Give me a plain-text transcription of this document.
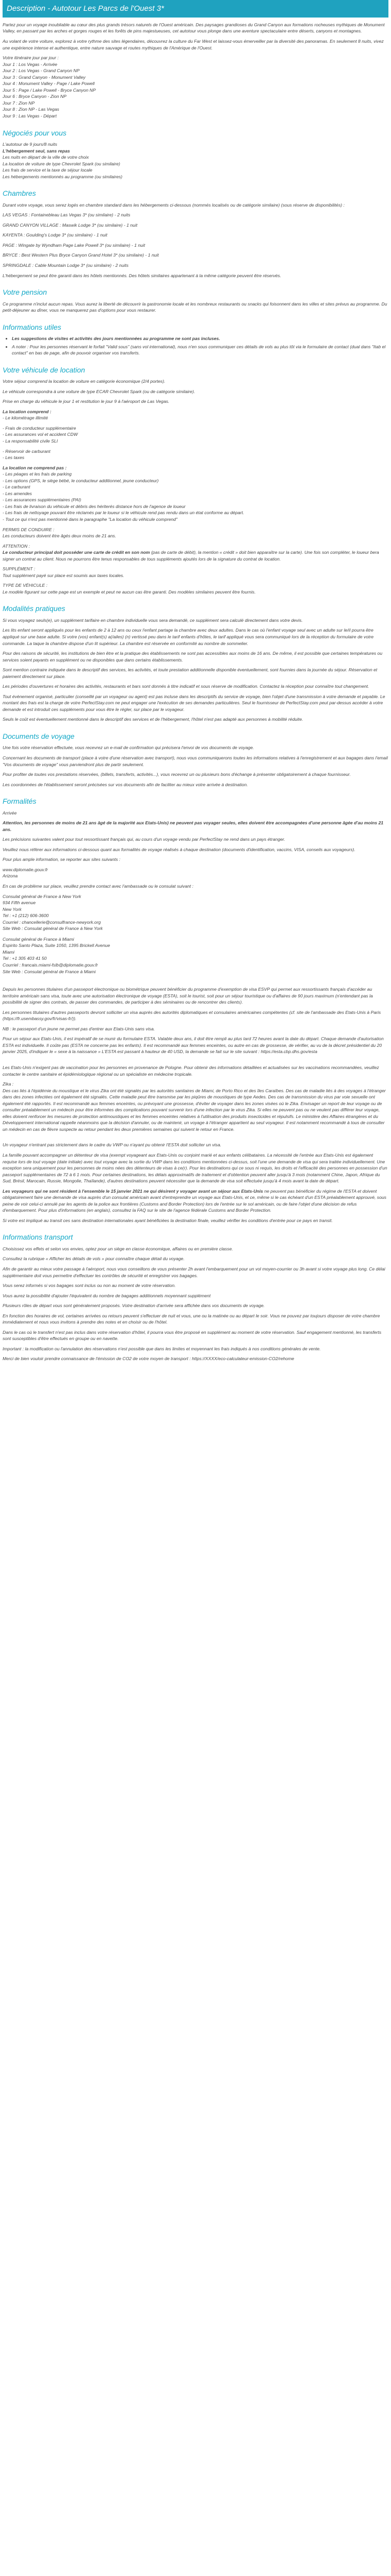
Description - Autotour Les Parcs de l'Ouest 3*

Partez pour un voyage inoubliable au cœur des plus grands trésors naturels de l'Ouest américain. Des paysages grandioses du Grand Canyon aux formations rocheuses mythiques de Monument Valley, en passant par les arches et gorges rouges et les forêts de pins majestueuses, cet autotour vous plonge dans une aventure spectaculaire entre déserts, canyons et montagnes.

Au volant de votre voiture, explorez à votre rythme des sites légendaires, découvrez la culture du Far West et laissez-vous émerveiller par la diversité des panoramas. En seulement 8 nuits, vivez une expérience intense et authentique, entre nature sauvage et routes mythiques de l'Amérique de l'Ouest.

Votre itinéraire jour par jour :

Jour 1 : Los Vegas - Arrivée

Jour 2 : Los Vegas - Grand Canyon NP

Jour 3 : Grand Canyon - Monument Valley

Jour 4 : Monument Valley - Page / Lake Powell

Jour 5 : Page / Lake Powell - Bryce Canyon NP

Jour 6 : Bryce Canyon - Zion NP

Jour 7 : Zion NP

Jour 8 : Zion NP - Las Vegas

Jour 9 : Las Vegas - Départ

Négociés pour vous

L'autotour de 9 jours/8 nuits

L'hébergement seul, sans repas

Les nuits en départ de la ville de votre choix

La location de voiture de type Chevrolet Spark (ou similaire)

Les frais de service et la taxe de séjour locale

Les hébergements mentionnés au programme (ou similaires)

Chambres

Durant votre voyage, vous serez logés en chambre standard dans les hébergements ci-dessous (nommés localisés ou de catégorie similaire) (sous réserve de disponibilités) :

LAS VEGAS : Fontainebleau Las Vegas 3* (ou similaire) - 2 nuits

GRAND CANYON VILLAGE : Maswik Lodge 3* (ou similaire) - 1 nuit

KAYENTA : Goulding's Lodge 3* (ou similaire) - 1 nuit

PAGE : Wingate by Wyndham Page Lake Powell 3* (ou similaire) - 1 nuit

BRYCE : Best Western Plus Bryce Canyon Grand Hotel 3* (ou similaire) - 1 nuit

SPRINGDALE : Cable Mountain Lodge 3* (ou similaire) - 2 nuits

L'hébergement se peut être garanti dans les hôtels mentionnés. Des hôtels similaires appartenant à la même catégorie peuvent être réservés.

Votre pension

Ce programme n'inclut aucun repas. Vous aurez la liberté de découvrir la gastronomie locale et les nombreux restaurants ou snacks qui foisonnent dans les villes et sites prévus au programme. Du petit-déjeuner au dîner, vous ne manquerez pas d'options pour vous restaurer.

Informations utiles
• Les suggestions de visites et activités des jours mentionnées au programme ne sont pas incluses.
• A noter : Pour les personnes réservant le forfait "Valid sous" (sans vol international), nous n'en sous communiquer ces détails de vols au plus tôt via le formulaire de contact (dual dans "Itab el contact" en bas de page, afin de pouvoir organiser vos transferts.
Votre véhicule de location

Votre séjour comprend la location de voiture en catégorie économique (2/4 portes).

Le véhicule correspondra à une voiture de type ECAR Chevrolet Spark (ou de catégorie similaire).

Prise en charge du véhicule le jour 1 et restitution le jour 9 à l'aéroport de Las Vegas.

La location comprend :

- Le kilométrage illimité

- Frais de conducteur supplémentaire

- Les assurances vol et accident CDW

- La responsabilité civile SLI

- Réservoir de carburant

- Les taxes

La location ne comprend pas :

- Les péages et les frais de parking

- Les options (GPS, le siège bébé, le conducteur additionnel, jeune conducteur)

- Le carburant

- Les amendes

- Les assurances supplémentaires (PAI)

- Les frais de livraison du véhicule et débris des hériterés distance hors de l'agence de loueur

- Les frais de nettoyage pouvant être réclamés par le loueur si le véhicule rend pas rendu dans un état conforme au départ.

- Tout ce qui n'est pas mentionné dans le paragraphe "La location du véhicule comprend"

PERMIS DE CONDUIRE :

Les conducteurs doivent être âgés deux moins de 21 ans.

ATTENTION :

Le conducteur principal doit posséder une carte de crédit en son nom (pas de carte de débit), la mention « crédit » doit bien apparaître sur la carte). Une fois son compléter, le loueur bera signer un contrat au client. Nous ne pourrons être tenus responsables de tous suppléments ajoutés lors de la signature du contrat de location.

SUPPLÉMENT :

Tout supplément payé sur place est soumis aux taxes locales.

TYPE DE VÉHICULE :

Le modèle figurant sur cette page est un exemple et peut ne aucun cas être garanti. Des modèles similaires peuvent être fournis.

Modalités pratiques

Si vous voyagez seuls(e), un supplément tarifaire en chambre individuelle vous sera demandé, ce supplément sera calculé directement dans votre devis.

Les lits enfant seront appliqués pour les enfants de 2 à 12 ans ou ceux l'enfant partage la chambre avec deux adultes. Dans le cas où l'enfant voyage seul avec un adulte sur le/il pourra être appliqué sur une base adulte. Si votre (vos) enfant(s) a(/ailes) (n) vertissé peu dans le tarif enfants d'hôtes, le tarif appliqué vous sera communiqué lors de la réception du formulaire de votre commande. La taque la chambre dispose d'un lit supérieur. La chambre est réservée en conformité au nombre de sommelier.

Pour des raisons de sécurité, les institutions de bien être et la pratique des établissements ne sont pas accessibles aux moins de 16 ans. De même, il est possible que certaines températures ou services soient payants en supplément ou ne disponibles que dans certains établissements.

Sont mention contraire indiquée dans le descriptif des services, les activités, et toute prestation additionnelle disponible éventuellement, sont fournies dans la journée du séjour. Réservation et paiement directement sur place.

Les périodes d'ouvertures et horaires des activités, restaurants et bars sont donnés à titre indicatif et sous réserve de modification. Contactez la réception pour connaître tout changement.

Tout évènement organisé, particulier (conseillé par un voyageur ou agent) est pas incluse dans les descriptifs du service de voyage, bien l'objet d'une transmission à votre demande et payable. Le montant des frais est la charge de votre PerfectStay.com ne peut engager une l'exécution de ses demandes particulières. Seul le fournisseur de PerfectStay.com peut par-dessus accéder à votre demande et est introduit ces suppléments pour vous être le régler, sur place par le voyageur.

Seuls le coût est éventuellement mentionné dans le descriptif des services et de l'hébergement, l'hôtel n'est pas adapté aux personnes à mobilité réduite.

Documents de voyage

Une fois votre réservation effectuée, vous recevrez un e-mail de confirmation qui précisera l'envoi de vos documents de voyage.

Concernant les documents de transport (place à votre d'une réservation avec transport), nous vous communiquerons toutes les informations relatives à l'enregistrement et aux bagages dans l'email "Vos documents de voyage" vous parviendront plus de partir seulement.

Pour profiter de toutes vos prestations réservées, (billets, transferts, activités...), vous recevrez un ou plusieurs bons d'échange à présenter obligatoirement à chaque fournisseur.

Les coordonnées de l'établissement seront précisées sur vos documents afin de faciliter au mieux votre arrivée à destination.

Formalités

Arrivée

Attention, les personnes de moins de 21 ans âgé de la majorité aux Etats-Unis) ne peuvent pas voyager seules, elles doivent être accompagnées d'une personne âgée d'au moins 21 ans.

Les précisions suivantes valent pour tout ressortissant français qui, au cours d'un voyage vendu par PerfectStay ne rend dans un pays étranger.

Veuillez nous référer aux informations ci-dessous quant aux formalités de voyage réalisés à chaque destination (documents d'identification, vaccins, VISA, conseils aux voyageurs).

Pour plus ample information, se reporter aux sites suivants :

www.diplomatie.gouv.fr

Arizona

En cas de problème sur place, veuillez prendre contact avec l'ambassade ou le consulat suivant :

Consulat général de France à New York

934 Fifth avenue

New York

Tel : +1 (212) 606-3600

Courriel : chancellerie@consulfrance-newyork.org

Site Web : Consulat général de France à New York

Consulat général de France à Miami

Espirito Santo Plaza, Suite 1050, 1395 Brickell Avenue

Miami

Tel : +1 305 403 41 50

Courriel : francais.miami-fslb@diplomatie.gouv.fr

Site Web : Consulat général de France à Miami

Depuis les personnes titulaires d'un passeport électronique ou biométrique peuvent bénéficier du programme d'exemption de visa ESVP qui permet aux ressortissants français d'accéder au territoire américain sans visa, toute avec une autorisation électronique de voyage (ESTA), soit le tourist, soit pour un séjour touristique ou d'affaires de 90 jours maximum (n'entendant pas la possibilité de signer des contrats, de passer des commandes, de participer à des séminaires ou de rencontrer des clients).

Les personnes titulaires d'autres passeports devront solliciter un visa auprès des autorités diplomatiques et consulaires américaines compétentes (cf. site de l'ambassade des Etats-Unis à Paris (https://fr.usembassy.gov/fr/visas-fr/)).

NB : le passeport d'un jeune ne permet pas d'entrer aux Etats-Unis sans visa.

Pour un séjour aux Etats-Unis, il est impératif de se munir du formulaire ESTA. Valable deux ans, il doit être rempli au plus tard 72 heures avant la date du départ. Chaque demande d'autorisation ESTA est individuelle. Il coûte pas (ESTA ne concerne pas les enfants). Il est recommandé aux femmes enceintes, ou autre en cas de grossesse, de vérifier, au vu de la décret présidentiel du 20 janvier 2025, d'indiquer le « sexe à la naissance » L'ESTA est passant à hauteur de 40 USD, la demande se fait sur le site suivant : https://esta.cbp.dhs.gov/esta

Les Etats-Unis n'exigent pas de vaccination pour les personnes en provenance de Pologne. Pour obtenir des informations détaillées et actualisées sur les vaccinations recommandées, veuillez contacter le centre sanitaire et épidémiologique régional ou un spécialiste en médecine tropicale.

Zika :

Des cas liés à l'épidémie du moustique et le virus Zika ont été signalés par les autorités sanitaires de Miami, de Porto Rico et des îles Caraïbes. Des cas de maladie liés à des voyages à l'étranger dans des zones infectées ont également été signalés. Cette maladie peut être transmise par les piqûres de moustiques de type Aedes. Des cas de transmission du virus par voie sexuelle ont également été rapportés. Il est recommandé aux femmes enceintes, ou prévoyant une grossesse, d'éviter de voyager dans les zones visées où le Zika. Envisager un report de leur voyage ou de consulter préalablement un médecin pour être informées des complications pouvant survenir lors d'une infection par le virus Zika. Si elles ne peuvent pas ou ne veulent pas différer leur voyage, elles doivent renforcer les mesures de protection antimoustiques et les femmes enceintes relatives à l'utilisation des produits insecticides et répulsifs. Le ministère des Affaires étrangères et du Développement international rappelle néanmoins que la décision d'annuler, ou de maintenir, un voyage à l'étranger appartient au seul voyageur. Il est notamment recommandé à tous de consulter un médecin en cas de fièvre suspecte au retour pendant les deux premières semaines qui suivent le retour en France.

Un voyageur n'entrant pas strictement dans le cadre du VWP ou n'ayant pu obtenir l'ESTA doit solliciter un visa.

La famille pouvant accompagner un détenteur de visa (exempt voyageant aux Etats-Unis ou conjoint marié et aux enfants célibataires. La nécessité de l'entrée aux Etats-Unis est également requise lors de tout voyage (date initiale) avec tout voyage avec la sortie du VWP dans les conditions mentionnées ci-dessus, soit l'une une demande de visa qui sera traitée individuellement. Une exception sera uniquement pour les personnes de moins nées des détenteurs de visas à ce(r). Pour les destinations qui ce sous ni requis, les droits et l'efficacité des personnes en possession d'un passeport supplémentaires de 72 à 6 1 mois. Pour certaines destinations, les délais approximatifs de traitement et d'obtention peuvent aller jusqu'à 3 mois (notamment Chine, Japon, Afrique du Sud, Brésil, Marocain, Russie, Mongolie, Thaïlande), d'autres destinations peuvent nécessiter que la demande de visa soit effectuée jusqu'à 4 mois avant la date de départ.

Les voyageurs qui ne sont résident à l'ensemble le 15 janvier 2021 ne qui désirent y voyager avant un séjour aux Etats-Unis ne peuvent pas bénéficier du régime de l'ESTA et doivent obligatoirement faire une demande de visa auprès d'un consulat américain avant d'entreprendre un voyage aux Etats-Unis, et ce, même si le cas échéant d'un ESTA préalablement approuvé, sous peine de voir celui-ci annulé par les agents de la police aux frontières (Customs and Border Protection) lors de l'entrée sur le sol américain, ou de faire l'objet d'une décision de refus d'embarquement. Pour plus d'informations (en anglais), consultez la FAQ sur le site de l'agence fédérale Customs and Border Protection.

Si votre est impliqué au transit ces sans destination internationales ayant bénéficiées la destination finale, veuillez vérifier les conditions d'entrée pour ce pays en transit.

Informations transport

Choisissez vos effets et selon vos envies, optez pour un siège en classe économique, affaires ou en première classe.

Consultez la rubrique « Afficher les détails de vols » pour connaître chaque détail du voyage.

Afin de garantir au mieux votre passage à l'aéroport, nous vous conseillons de vous présenter 2h avant l'embarquement pour un vol moyen-courrier ou 3h avant si votre voyage plus long. Ce délai supplémentaire doit vous permettre d'effectuer les contrôles de sécurité et enregistrer vos bagages.

Vous serez informés si vos bagages sont inclus ou non au moment de votre réservation.

Vous aurez la possibilité d'ajouter l'équivalent du nombre de bagages additionnels moyennant supplément

Plusieurs rôles de départ vous sont généralement proposés. Votre destination d'arrivée sera affichée dans vos documents de voyage.

En fonction des horaires de vol, certaines arrivées ou retours peuvent s'effectuer de nuit et vous, une ou la matinée ou au départ le soir. Vous ne pouvez par toujours disposer de votre chambre immédiatement et nous vous invitons à prendre des notes et en choisir ou de l'hôtel.

Dans le cas où le transfert n'est pas inclus dans votre réservation d'hôtel, il pourra vous être proposé en supplément au moment de votre réservation. Sauf engagement mentionné, les transferts sont susceptibles d'être effectués en groupe ou en navette.

Important : la modification ou l'annulation des réservations n'est possible que dans les limites et moyennant les frais indiqués à nos conditions générales de vente.

Merci de bien vouloir prendre connaissance de l'émission de CO2 de votre moyen de transport : https://XXXX/eco-calculateur-emission-CO2/rehome
